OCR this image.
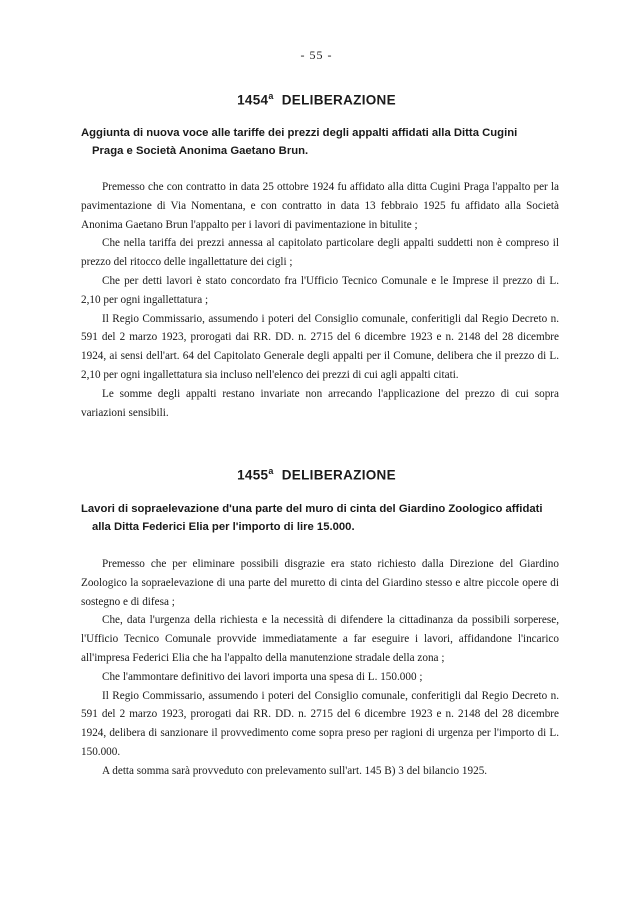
- 55 -
1454$^a$ DELIBERAZIONE
Aggiunta di nuova voce alle tariffe dei prezzi degli appalti affidati alla Ditta Cugini
Praga e Società Anonima Gaetano Brun.

Premesso che con contratto in data 25 ottobre 1924 fu affidato alla ditta Cugini Praga l'appalto per la pavimentazione di Via Nomentana, e con contratto in data 13 febbraio 1925 fu affidato alla Società Anonima Gaetano Brun l'appalto per i lavori di pavimentazione in bitulite ;

Che nella tariffa dei prezzi annessa al capitolato particolare degli appalti suddetti non è compreso il prezzo del ritocco delle ingallettature dei cigli ;

Che per detti lavori è stato concordato fra l'Ufficio Tecnico Comunale e le Imprese il prezzo di L. 2,10 per ogni ingallettatura ;

Il Regio Commissario, assumendo i poteri del Consiglio comunale, conferitigli dal Regio Decreto n. 591 del 2 marzo 1923, prorogati dai RR. DD. n. 2715 del 6 dicembre 1923 e n. 2148 del 28 dicembre 1924, ai sensi dell'art. 64 del Capitolato Generale degli appalti per il Comune, delibera che il prezzo di L. 2,10 per ogni ingallettatura sia incluso nell'elenco dei prezzi di cui agli appalti citati.

Le somme degli appalti restano invariate non arrecando l'applicazione del prezzo di cui sopra variazioni sensibili.

1455$^a$ DELIBERAZIONE
Lavori di sopraelevazione d'una parte del muro di cinta del Giardino Zoologico affidati
alla Ditta Federici Elia per l'importo di lire 15.000.

Premesso che per eliminare possibili disgrazie era stato richiesto dalla Direzione del Giardino Zoologico la sopraelevazione di una parte del muretto di cinta del Giardino stesso e altre piccole opere di sostegno e di difesa ;

Che, data l'urgenza della richiesta e la necessità di difendere la cittadinanza da possibili sorperese, l'Ufficio Tecnico Comunale provvide immediatamente a far eseguire i lavori, affidandone l'incarico all'impresa Federici Elia che ha l'appalto della manutenzione stradale della zona ;

Che l'ammontare definitivo dei lavori importa una spesa di L. 150.000 ;

Il Regio Commissario, assumendo i poteri del Consiglio comunale, conferitigli dal Regio Decreto n. 591 del 2 marzo 1923, prorogati dai RR. DD. n. 2715 del 6 dicembre 1923 e n. 2148 del 28 dicembre 1924, delibera di sanzionare il provvedimento come sopra preso per ragioni di urgenza per l'importo di L. 150.000.

A detta somma sarà provveduto con prelevamento sull'art. 145 B) 3 del bilancio 1925.
